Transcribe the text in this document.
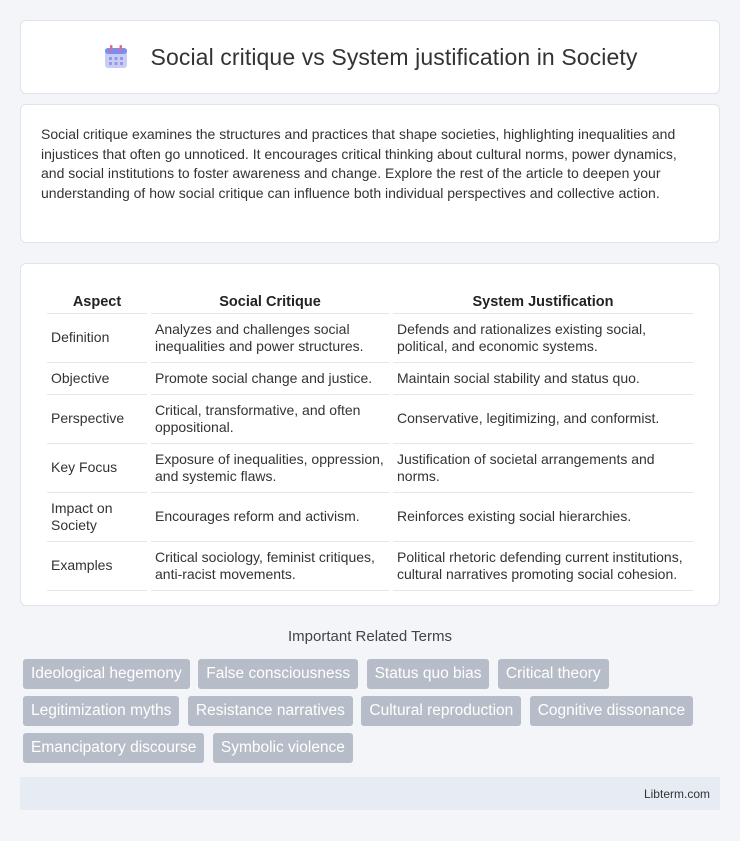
Social critique vs System justification in Society

Social critique examines the structures and practices that shape societies, highlighting inequalities and injustices that often go unnoticed. It encourages critical thinking about cultural norms, power dynamics, and social institutions to foster awareness and change. Explore the rest of the article to deepen your understanding of how social critique can influence both individual perspectives and collective action.

Aspect	Social Critique	System Justification
Definition	Analyzes and challenges social inequalities and power structures.	Defends and rationalizes existing social, political, and economic systems.
Objective	Promote social change and justice.	Maintain social stability and status quo.
Perspective	Critical, transformative, and often oppositional.	Conservative, legitimizing, and conformist.
Key Focus	Exposure of inequalities, oppression, and systemic flaws.	Justification of societal arrangements and norms.
Impact on Society	Encourages reform and activism.	Reinforces existing social hierarchies.
Examples	Critical sociology, feminist critiques, anti-racist movements.	Political rhetoric defending current institutions, cultural narratives promoting social cohesion.
Important Related Terms
Ideological hegemony False consciousness Status quo bias Critical theory Legitimization myths Resistance narratives Cultural reproduction Cognitive dissonance Emancipatory discourse Symbolic violence
Libterm.com
